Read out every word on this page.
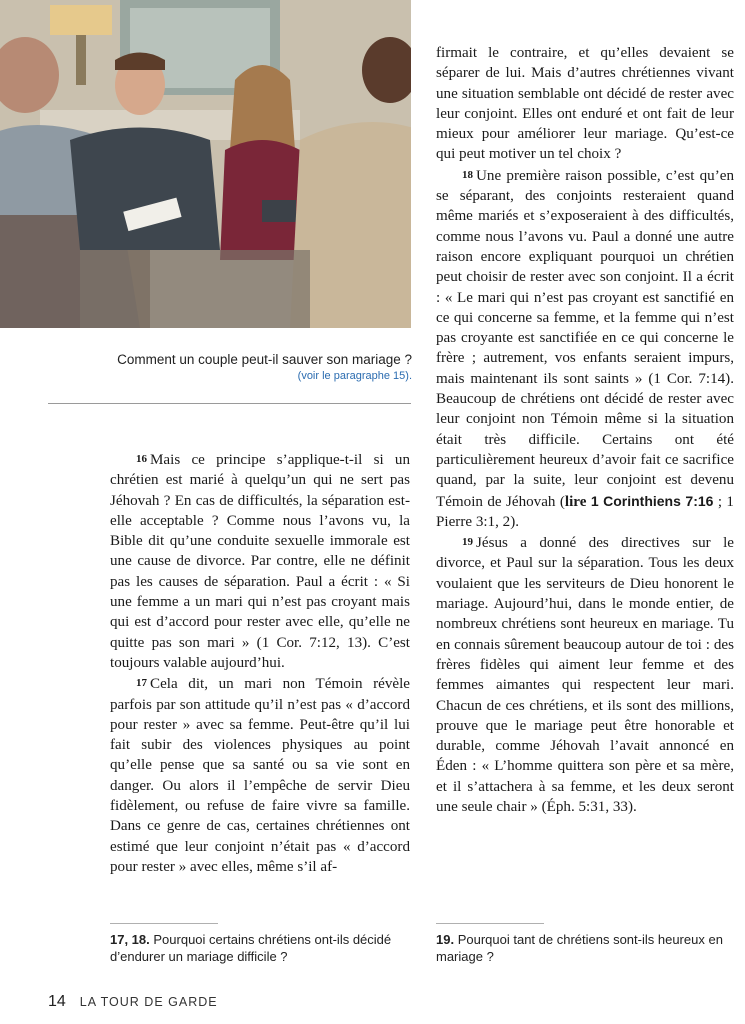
Comment un couple peut-il sauver son mariage ?
(voir le paragraphe 15).

16 Mais ce principe s’applique-t-il si un chrétien est marié à quelqu’un qui ne sert pas Jéhovah ? En cas de difficultés, la séparation est-elle acceptable ? Comme nous l’avons vu, la Bible dit qu’une conduite sexuelle immorale est une cause de divorce. Par contre, elle ne définit pas les causes de séparation. Paul a écrit : « Si une femme a un mari qui n’est pas croyant mais qui est d’accord pour rester avec elle, qu’elle ne quitte pas son mari » (1 Cor. 7:12, 13). C’est toujours valable aujourd’hui.

17 Cela dit, un mari non Témoin révèle parfois par son attitude qu’il n’est pas « d’accord pour rester » avec sa femme. Peut-être qu’il lui fait subir des violences physiques au point qu’elle pense que sa santé ou sa vie sont en danger. Ou alors il l’empêche de servir Dieu fidèlement, ou refuse de faire vivre sa famille. Dans ce genre de cas, certaines chrétiennes ont estimé que leur conjoint n’était pas « d’accord pour rester » avec elles, même s’il af-

firmait le contraire, et qu’elles devaient se séparer de lui. Mais d’autres chrétiennes vivant une situation semblable ont décidé de rester avec leur conjoint. Elles ont enduré et ont fait de leur mieux pour améliorer leur mariage. Qu’est-ce qui peut motiver un tel choix ?

18 Une première raison possible, c’est qu’en se séparant, des conjoints resteraient quand même mariés et s’exposeraient à des difficultés, comme nous l’avons vu. Paul a donné une autre raison encore expliquant pourquoi un chrétien peut choisir de rester avec son conjoint. Il a écrit : « Le mari qui n’est pas croyant est sanctifié en ce qui concerne sa femme, et la femme qui n’est pas croyante est sanctifiée en ce qui concerne le frère ; autrement, vos enfants seraient impurs, mais maintenant ils sont saints » (1 Cor. 7:14). Beaucoup de chrétiens ont décidé de rester avec leur conjoint non Témoin même si la situation était très difficile. Certains ont été particulièrement heureux d’avoir fait ce sacrifice quand, par la suite, leur conjoint est devenu Témoin de Jéhovah (lire 1 Corinthiens 7:16 ; 1 Pierre 3:1, 2).

19 Jésus a donné des directives sur le divorce, et Paul sur la séparation. Tous les deux voulaient que les serviteurs de Dieu honorent le mariage. Aujourd’hui, dans le monde entier, de nombreux chrétiens sont heureux en mariage. Tu en connais sûrement beaucoup autour de toi : des frères fidèles qui aiment leur femme et des femmes aimantes qui respectent leur mari. Chacun de ces chrétiens, et ils sont des millions, prouve que le mariage peut être honorable et durable, comme Jéhovah l’avait annoncé en Éden : « L’homme quittera son père et sa mère, et il s’attachera à sa femme, et les deux seront une seule chair » (Éph. 5:31, 33).

17, 18. Pourquoi certains chrétiens ont-ils décidé d’endurer un mariage difficile ?
19. Pourquoi tant de chrétiens sont-ils heureux en mariage ?
14 LA TOUR DE GARDE
